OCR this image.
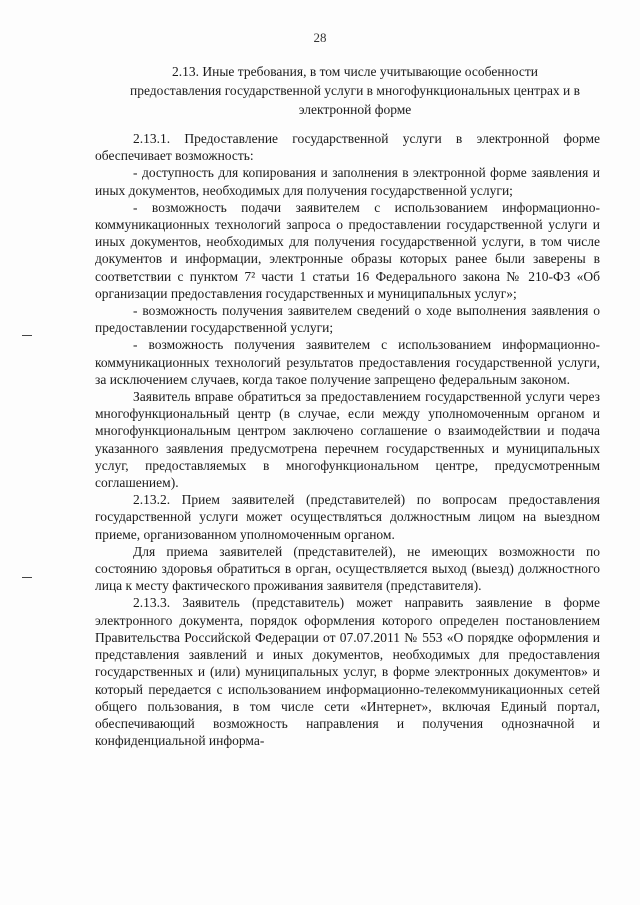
28
2.13. Иные требования, в том числе учитывающие особенности предоставления государственной услуги в многофункциональных центрах и в электронной форме

2.13.1. Предоставление государственной услуги в электронной форме обеспечивает возможность:

- доступность для копирования и заполнения в электронной форме заявления и иных документов, необходимых для получения государственной услуги;

- возможность подачи заявителем с использованием информационно-коммуникационных технологий запроса о предоставлении государственной услуги и иных документов, необходимых для получения государственной услуги, в том числе документов и информации, электронные образы которых ранее были заверены в соответствии с пунктом 7² части 1 статьи 16 Федерального закона № 210-ФЗ «Об организации предоставления государственных и муниципальных услуг»;

- возможность получения заявителем сведений о ходе выполнения заявления о предоставлении государственной услуги;

- возможность получения заявителем с использованием информационно-коммуникационных технологий результатов предоставления государственной услуги, за исключением случаев, когда такое получение запрещено федеральным законом.

Заявитель вправе обратиться за предоставлением государственной услуги через многофункциональный центр (в случае, если между уполномоченным органом и многофункциональным центром заключено соглашение о взаимодействии и подача указанного заявления предусмотрена перечнем государственных и муниципальных услуг, предоставляемых в многофункциональном центре, предусмотренным соглашением).

2.13.2. Прием заявителей (представителей) по вопросам предоставления государственной услуги может осуществляться должностным лицом на выездном приеме, организованном уполномоченным органом.

Для приема заявителей (представителей), не имеющих возможности по состоянию здоровья обратиться в орган, осуществляется выход (выезд) должностного лица к месту фактического проживания заявителя (представителя).

2.13.3. Заявитель (представитель) может направить заявление в форме электронного документа, порядок оформления которого определен постановлением Правительства Российской Федерации от 07.07.2011 № 553 «О порядке оформления и представления заявлений и иных документов, необходимых для предоставления государственных и (или) муниципальных услуг, в форме электронных документов» и который передается с использованием информационно-телекоммуникационных сетей общего пользования, в том числе сети «Интернет», включая Единый портал, обеспечивающий возможность направления и получения однозначной и конфиденциальной информа-
